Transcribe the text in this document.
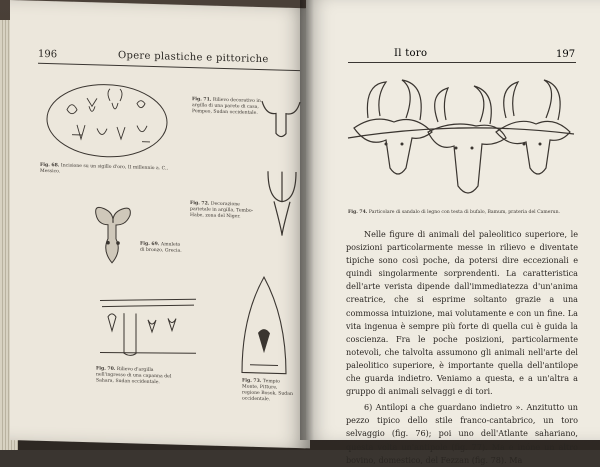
196	Opere plastiche e pittoriche
Fig. 68. Incisione su un sigillo d'oro, II millennio a. C., Messico.
Fig. 71. Rilievo decorativo in argilla di una parete di casa, Pompeo, Sudan occidentale.
Fig. 72. Decorazione parietale in argilla, Tembo-Habe, zona del Niger.
Fig. 69. Amuleto di bronzo, Grecia.
Fig. 70. Rilievo d'argilla nell'ingresso di una capanna del Sahara, Sudan occidentale.	Fig. 73. Tempio Monte, Pitture, regione Bosok, Sudan occidentale.
Il toro	197
Fig. 74. Particolare di sandalo di legno con testa di bufalo, Bamum, prateria del Camerun.

Nelle figure di animali del paleolitico superiore, le posizioni particolarmente messe in rilievo e diventate tipiche sono così poche, da potersi dire eccezionali e quindi singolarmente sorprendenti. La caratteristica dell'arte verista dipende dall'immediatezza d'un'anima creatrice, che si esprime soltanto grazie a una commossa intuizione, mai volutamente e con un fine. La vita ingenua è sempre più forte di quella cui è guida la coscienza. Fra le poche posizioni, particolarmente notevoli, che talvolta assumono gli animali nell'arte del paleolitico superiore, è importante quella dell'antilope che guarda indietro. Veniamo a questa, e a un'altra a gruppo di animali selvaggi e di tori.

6) Antilopi a che guardano indietro ». Anzitutto un pezzo tipico dello stile franco-cantabrico, un toro selvaggio (fig. 76); poi uno dell'Atlante sahariano, questa volta un'antipole (fig. 77). Ma e inóne un altro bovino, domestico, del Fezzan (fig. 78). Ma
